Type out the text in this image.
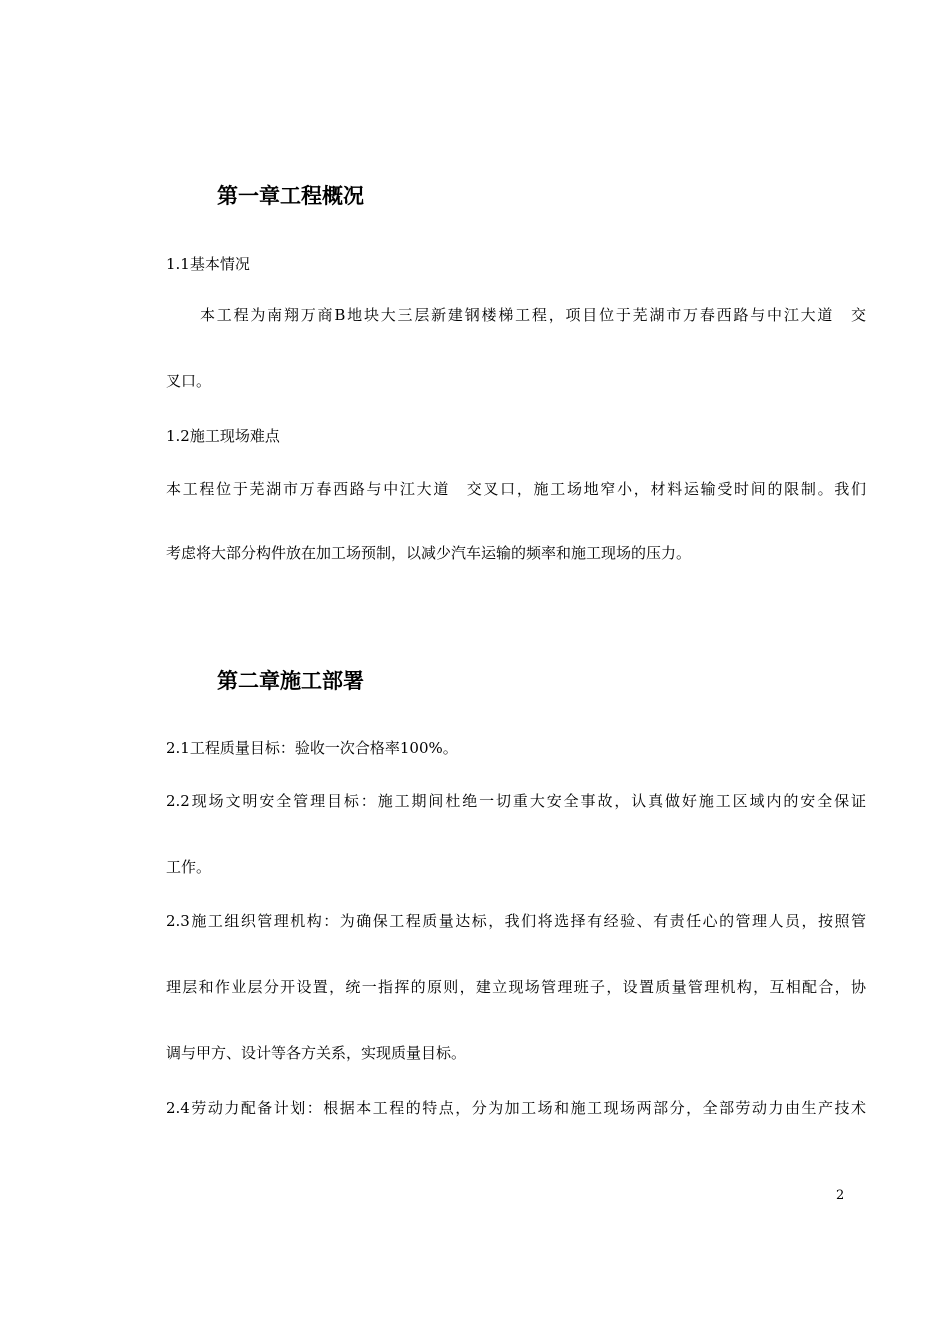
第一章工程概况
1.1基本情况
本工程为南翔万商B地块大三层新建钢楼梯工程，项目位于芜湖市万春西路与中江大道　交
叉口。
1.2施工现场难点
本工程位于芜湖市万春西路与中江大道　交叉口，施工场地窄小，材料运输受时间的限制。我们
考虑将大部分构件放在加工场预制，以减少汽车运输的频率和施工现场的压力。
第二章施工部署
2.1工程质量目标：验收一次合格率100%。
2.2现场文明安全管理目标：施工期间杜绝一切重大安全事故，认真做好施工区域内的安全保证
工作。
2.3施工组织管理机构：为确保工程质量达标，我们将选择有经验、有责任心的管理人员，按照管
理层和作业层分开设置，统一指挥的原则，建立现场管理班子，设置质量管理机构，互相配合，协
调与甲方、设计等各方关系，实现质量目标。
2.4劳动力配备计划：根据本工程的特点，分为加工场和施工现场两部分，全部劳动力由生产技术
2
